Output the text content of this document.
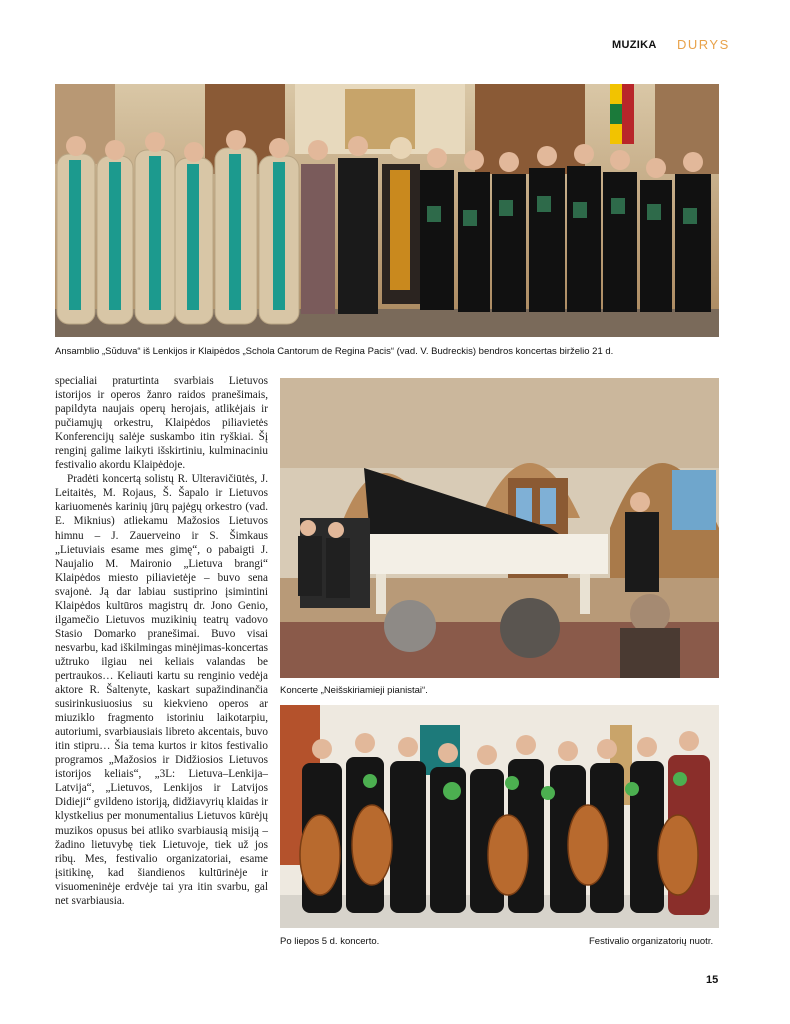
MUZIKA DURYS
Ansamblio „Sūduva“ iš Lenkijos ir Klaipėdos „Schola Cantorum de Regina Pacis“ (vad. V. Budreckis) bendros koncertas birželio 21 d.

specialiai praturtinta svarbiais Lietuvos istorijos ir operos žanro raidos pranešimais, papildyta naujais operų herojais, atlikėjais ir pučiamųjų orkestru, Klaipėdos piliavietės Konferencijų salėje suskambo itin ryškiai. Šį renginį galime laikyti išskirtiniu, kulminaciniu festivalio akordu Klaipėdoje.

Pradėti koncertą solistų R. Ulteravičiūtės, J. Leitaitės, M. Rojaus, Š. Šapalo ir Lietuvos kariuomenės karinių jūrų pajėgų orkestro (vad. E. Miknius) atliekamu Mažosios Lietuvos himnu – J. Zauerveino ir S. Šimkaus „Lietuviais esame mes gimę“, o pabaigti J. Naujalio M. Maironio „Lietuva brangi“ Klaipėdos miesto piliavietėje – buvo sena svajonė. Ją dar labiau sustiprino įsimintini Klaipėdos kultūros magistrų dr. Jono Genio, ilgamečio Lietuvos muzikinių teatrų vadovo Stasio Domarko pranešimai. Buvo visai nesvarbu, kad iškilmingas minėjimas-koncertas užtruko ilgiau nei keliais valandas be pertraukos… Keliauti kartu su renginio vedėja aktore R. Šaltenyte, kaskart supažindinančia susirinkusiuosius su kiekvieno operos ar miuziklo fragmento istoriniu laikotarpiu, autoriumi, svarbiausiais libreto akcentais, buvo itin stipru… Šia tema kurtos ir kitos festivalio programos „Mažosios ir Didžiosios Lietuvos istorijos keliais“, „3L: Lietuva–Lenkija–Latvija“, „Lietuvos, Lenkijos ir Latvijos Didieji“ gvildeno istoriją, didžiavyrių klaidas ir klystkelius per monumentalius Lietuvos kūrėjų muzikos opusus bei atliko svarbiausią misiją – žadino lietuvybę tiek Lietuvoje, tiek už jos ribų. Mes, festivalio organizatoriai, esame įsitikinę, kad šiandienos kultūrinėje ir visuomeninėje erdvėje tai yra itin svarbu, gal net svarbiausia.

Koncerte „Neišskiriamieji pianistai“.
Po liepos 5 d. koncerto.	Festivalio organizatorių nuotr.
15
